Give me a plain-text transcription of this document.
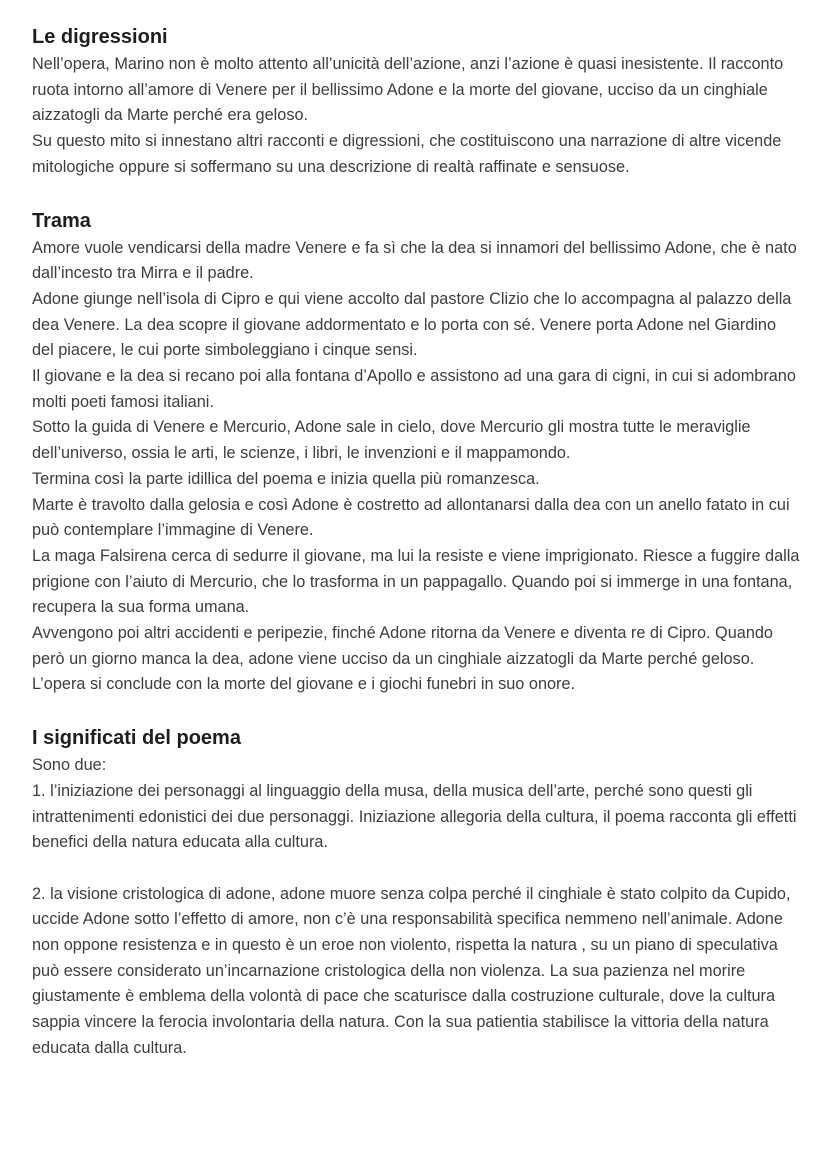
Le digressioni

Nell’opera, Marino non è molto attento all’unicità dell’azione, anzi l’azione è quasi inesistente. Il racconto ruota intorno all’amore di Venere per il bellissimo Adone e la morte del giovane, ucciso da un cinghiale aizzatogli da Marte perché era geloso.

Su questo mito si innestano altri racconti e digressioni, che costituiscono una narrazione di altre vicende mitologiche oppure si soffermano su una descrizione di realtà raffinate e sensuose.

Trama

Amore vuole vendicarsi della madre Venere e fa sì che la dea si innamori del bellissimo Adone, che è nato dall’incesto tra Mirra e il padre.

Adone giunge nell’isola di Cipro e qui viene accolto dal pastore Clizio che lo accompagna al palazzo della dea Venere. La dea scopre il giovane addormentato e lo porta con sé. Venere porta Adone nel Giardino del piacere, le cui porte simboleggiano i cinque sensi.

Il giovane e la dea si recano poi alla fontana d’Apollo e assistono ad una gara di cigni, in cui si adombrano molti poeti famosi italiani.

Sotto la guida di Venere e Mercurio, Adone sale in cielo, dove Mercurio gli mostra tutte le meraviglie dell’universo, ossia le arti, le scienze, i libri, le invenzioni e il mappamondo.

Termina così la parte idillica del poema e inizia quella più romanzesca.

Marte è travolto dalla gelosia e così Adone è costretto ad allontanarsi dalla dea con un anello fatato in cui può contemplare l’immagine di Venere.

La maga Falsirena cerca di sedurre il giovane, ma lui la resiste e viene imprigionato. Riesce a fuggire dalla prigione con l’aiuto di Mercurio, che lo trasforma in un pappagallo. Quando poi si immerge in una fontana, recupera la sua forma umana.

Avvengono poi altri accidenti e peripezie, finché Adone ritorna da Venere e diventa re di Cipro. Quando però un giorno manca la dea, adone viene ucciso da un cinghiale aizzatogli da Marte perché geloso.

L’opera si conclude con la morte del giovane e i giochi funebri in suo onore.

I significati del poema

Sono due:

1. l’iniziazione dei personaggi al linguaggio della musa, della musica dell’arte, perché sono questi gli intrattenimenti edonistici dei due personaggi. Iniziazione allegoria della cultura, il poema racconta gli effetti benefici della natura educata alla cultura.

2. la visione cristologica di adone, adone muore senza colpa perché il cinghiale è stato colpito da Cupido, uccide Adone sotto l’effetto di amore, non c’è una responsabilità specifica nemmeno nell’animale. Adone non oppone resistenza e in questo è un eroe non violento, rispetta la natura , su un piano di speculativa può essere considerato un’incarnazione cristologica della non violenza. La sua pazienza nel morire giustamente è emblema della volontà di pace che scaturisce dalla costruzione culturale, dove la cultura sappia vincere la ferocia involontaria della natura. Con la sua patientia stabilisce la vittoria della natura educata dalla cultura.
